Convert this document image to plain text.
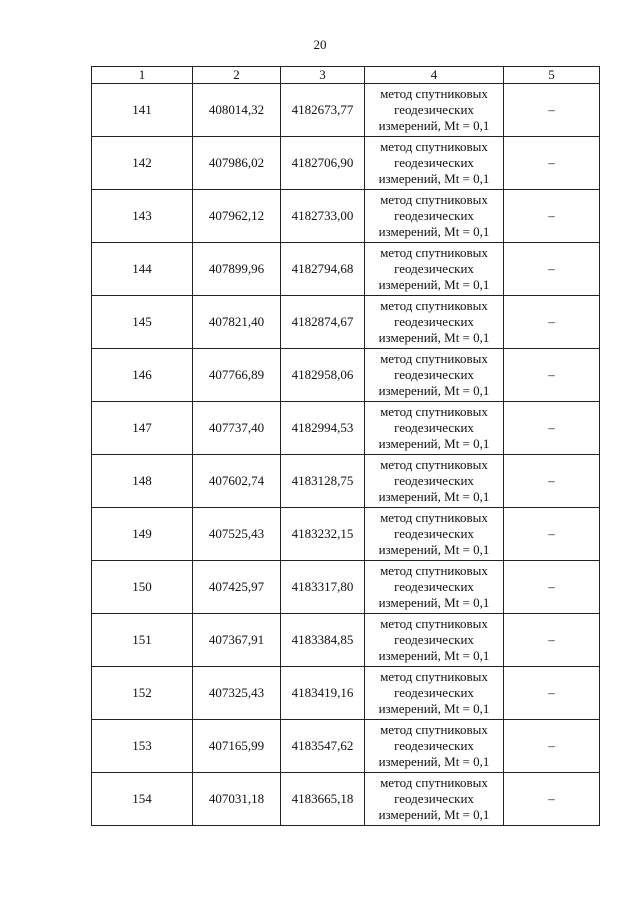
20
1	2	3	4	5
141	408014,32	4182673,77	метод спутниковых
геодезических
измерений, Mt = 0,1	–
142	407986,02	4182706,90	метод спутниковых
геодезических
измерений, Mt = 0,1	–
143	407962,12	4182733,00	метод спутниковых
геодезических
измерений, Mt = 0,1	–
144	407899,96	4182794,68	метод спутниковых
геодезических
измерений, Mt = 0,1	–
145	407821,40	4182874,67	метод спутниковых
геодезических
измерений, Mt = 0,1	–
146	407766,89	4182958,06	метод спутниковых
геодезических
измерений, Mt = 0,1	–
147	407737,40	4182994,53	метод спутниковых
геодезических
измерений, Mt = 0,1	–
148	407602,74	4183128,75	метод спутниковых
геодезических
измерений, Mt = 0,1	–
149	407525,43	4183232,15	метод спутниковых
геодезических
измерений, Mt = 0,1	–
150	407425,97	4183317,80	метод спутниковых
геодезических
измерений, Mt = 0,1	–
151	407367,91	4183384,85	метод спутниковых
геодезических
измерений, Mt = 0,1	–
152	407325,43	4183419,16	метод спутниковых
геодезических
измерений, Mt = 0,1	–
153	407165,99	4183547,62	метод спутниковых
геодезических
измерений, Mt = 0,1	–
154	407031,18	4183665,18	метод спутниковых
геодезических
измерений, Mt = 0,1	–
